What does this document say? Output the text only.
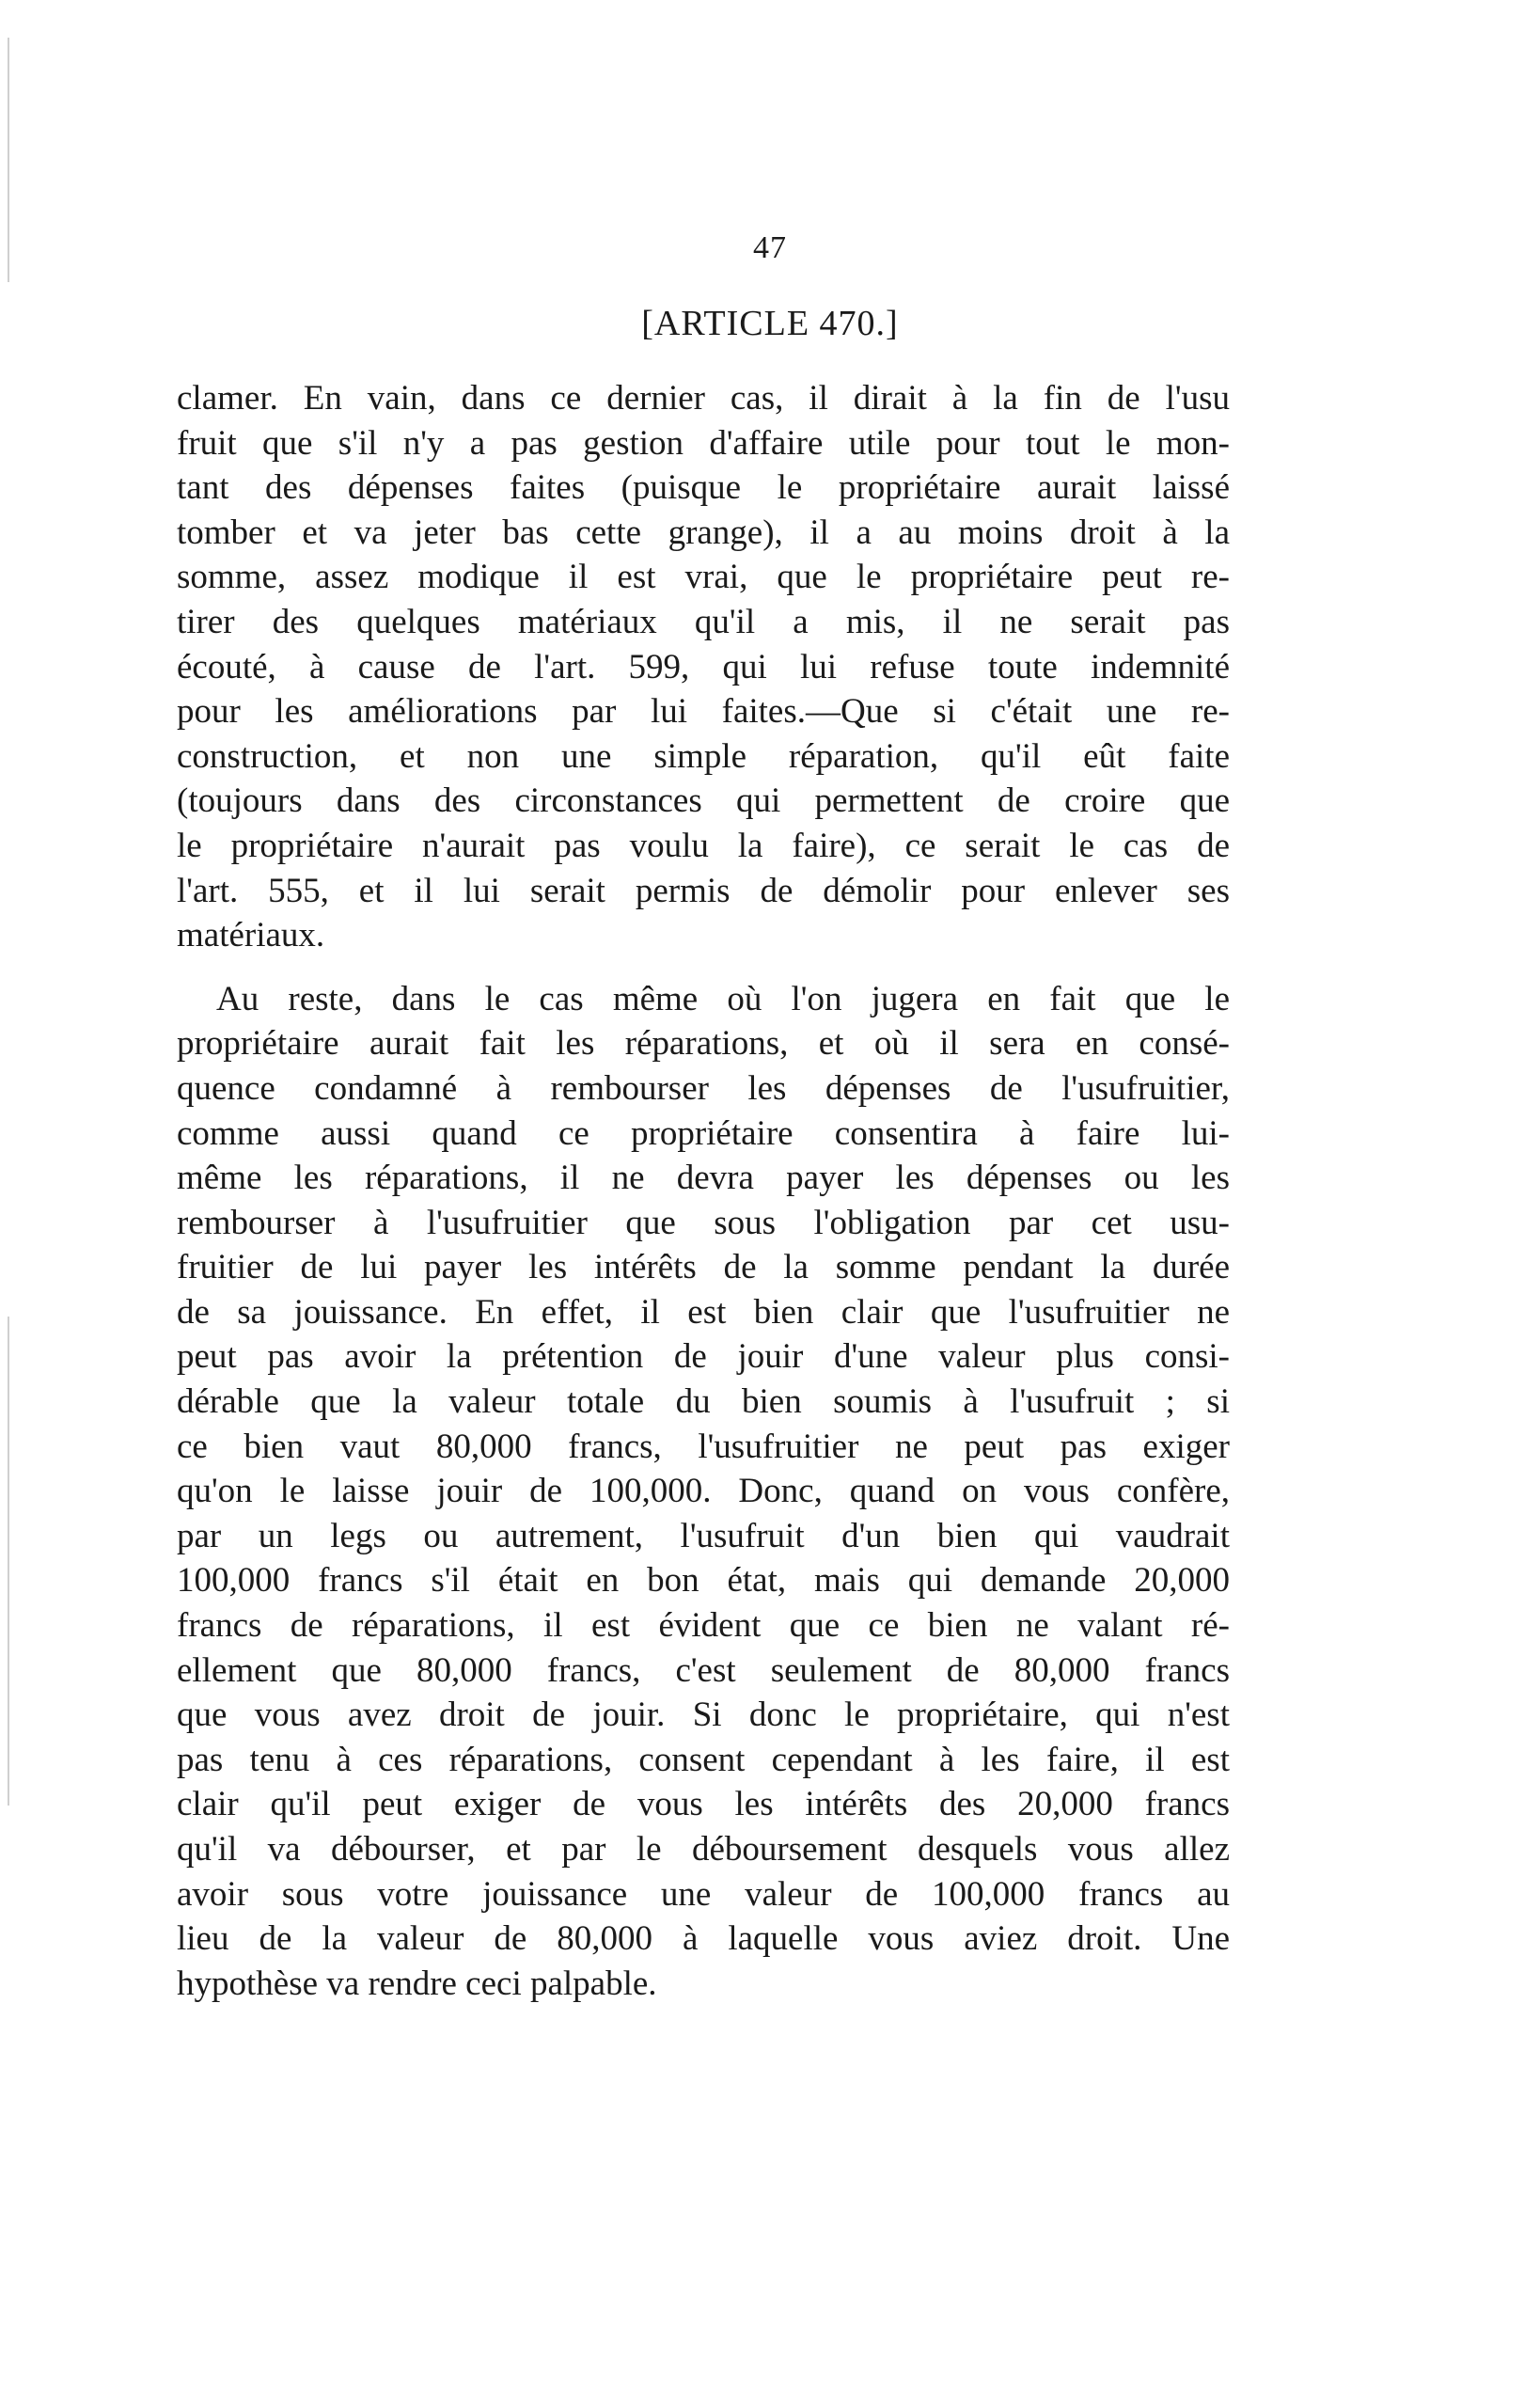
47
[ARTICLE 470.]
clamer. En vain, dans ce dernier cas, il dirait à la fin de l'usu
fruit que s'il n'y a pas gestion d'affaire utile pour tout le mon-
tant des dépenses faites (puisque le propriétaire aurait laissé
tomber et va jeter bas cette grange), il a au moins droit à la
somme, assez modique il est vrai, que le propriétaire peut re-
tirer des quelques matériaux qu'il a mis, il ne serait pas
écouté, à cause de l'art. 599, qui lui refuse toute indemnité
pour les améliorations par lui faites.—Que si c'était une re-
construction, et non une simple réparation, qu'il eût faite
(toujours dans des circonstances qui permettent de croire que
le propriétaire n'aurait pas voulu la faire), ce serait le cas de
l'art. 555, et il lui serait permis de démolir pour enlever ses
matériaux.
Au reste, dans le cas même où l'on jugera en fait que le
propriétaire aurait fait les réparations, et où il sera en consé-
quence condamné à rembourser les dépenses de l'usufruitier,
comme aussi quand ce propriétaire consentira à faire lui-
même les réparations, il ne devra payer les dépenses ou les
rembourser à l'usufruitier que sous l'obligation par cet usu-
fruitier de lui payer les intérêts de la somme pendant la durée
de sa jouissance. En effet, il est bien clair que l'usufruitier ne
peut pas avoir la prétention de jouir d'une valeur plus consi-
dérable que la valeur totale du bien soumis à l'usufruit ; si
ce bien vaut 80,000 francs, l'usufruitier ne peut pas exiger
qu'on le laisse jouir de 100,000. Donc, quand on vous confère,
par un legs ou autrement, l'usufruit d'un bien qui vaudrait
100,000 francs s'il était en bon état, mais qui demande 20,000
francs de réparations, il est évident que ce bien ne valant ré-
ellement que 80,000 francs, c'est seulement de 80,000 francs
que vous avez droit de jouir. Si donc le propriétaire, qui n'est
pas tenu à ces réparations, consent cependant à les faire, il est
clair qu'il peut exiger de vous les intérêts des 20,000 francs
qu'il va débourser, et par le déboursement desquels vous allez
avoir sous votre jouissance une valeur de 100,000 francs au
lieu de la valeur de 80,000 à laquelle vous aviez droit. Une
hypothèse va rendre ceci palpable.
